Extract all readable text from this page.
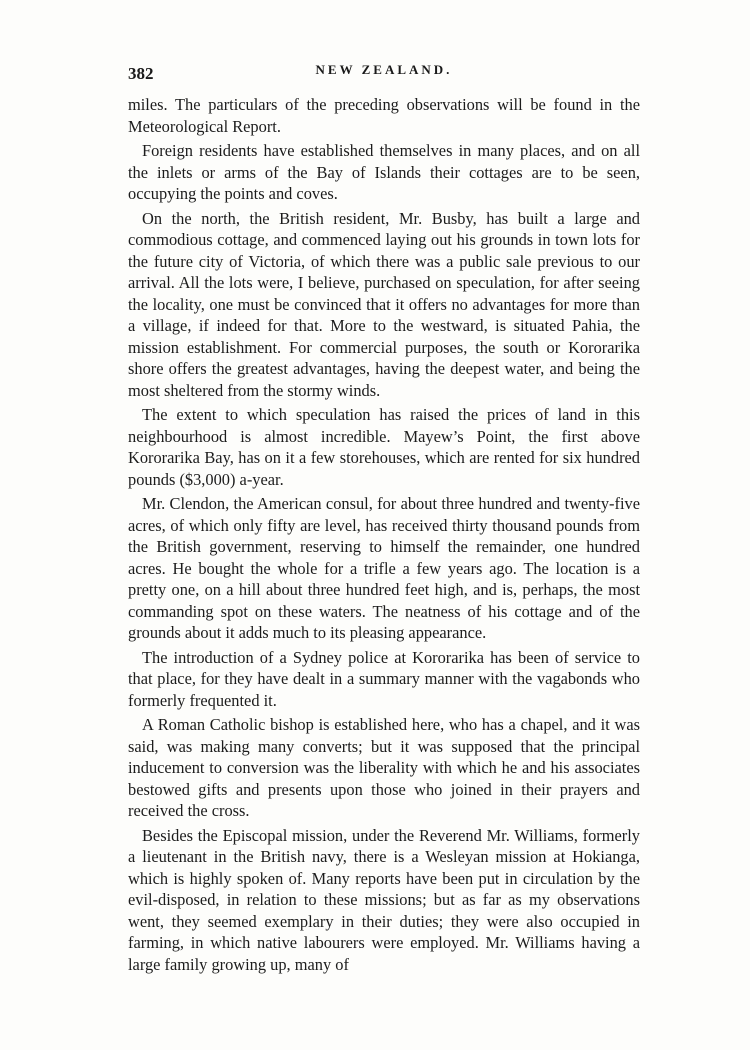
382	NEW ZEALAND.

miles. The particulars of the preceding observations will be found in the Meteorological Report.

Foreign residents have established themselves in many places, and on all the inlets or arms of the Bay of Islands their cottages are to be seen, occupying the points and coves.

On the north, the British resident, Mr. Busby, has built a large and commodious cottage, and commenced laying out his grounds in town lots for the future city of Victoria, of which there was a public sale previous to our arrival. All the lots were, I believe, purchased on speculation, for after seeing the locality, one must be convinced that it offers no advantages for more than a village, if indeed for that. More to the westward, is situated Pahia, the mission establishment. For commercial purposes, the south or Kororarika shore offers the greatest advantages, having the deepest water, and being the most sheltered from the stormy winds.

The extent to which speculation has raised the prices of land in this neighbourhood is almost incredible. Mayew’s Point, the first above Kororarika Bay, has on it a few storehouses, which are rented for six hundred pounds ($3,000) a-year.

Mr. Clendon, the American consul, for about three hundred and twenty-five acres, of which only fifty are level, has received thirty thousand pounds from the British government, reserving to himself the remainder, one hundred acres. He bought the whole for a trifle a few years ago. The location is a pretty one, on a hill about three hundred feet high, and is, perhaps, the most commanding spot on these waters. The neatness of his cottage and of the grounds about it adds much to its pleasing appearance.

The introduction of a Sydney police at Kororarika has been of service to that place, for they have dealt in a summary manner with the vagabonds who formerly frequented it.

A Roman Catholic bishop is established here, who has a chapel, and it was said, was making many converts; but it was supposed that the principal inducement to conversion was the liberality with which he and his associates bestowed gifts and presents upon those who joined in their prayers and received the cross.

Besides the Episcopal mission, under the Reverend Mr. Williams, formerly a lieutenant in the British navy, there is a Wesleyan mission at Hokianga, which is highly spoken of. Many reports have been put in circulation by the evil-disposed, in relation to these missions; but as far as my observations went, they seemed exemplary in their duties; they were also occupied in farming, in which native labourers were employed. Mr. Williams having a large family growing up, many of
